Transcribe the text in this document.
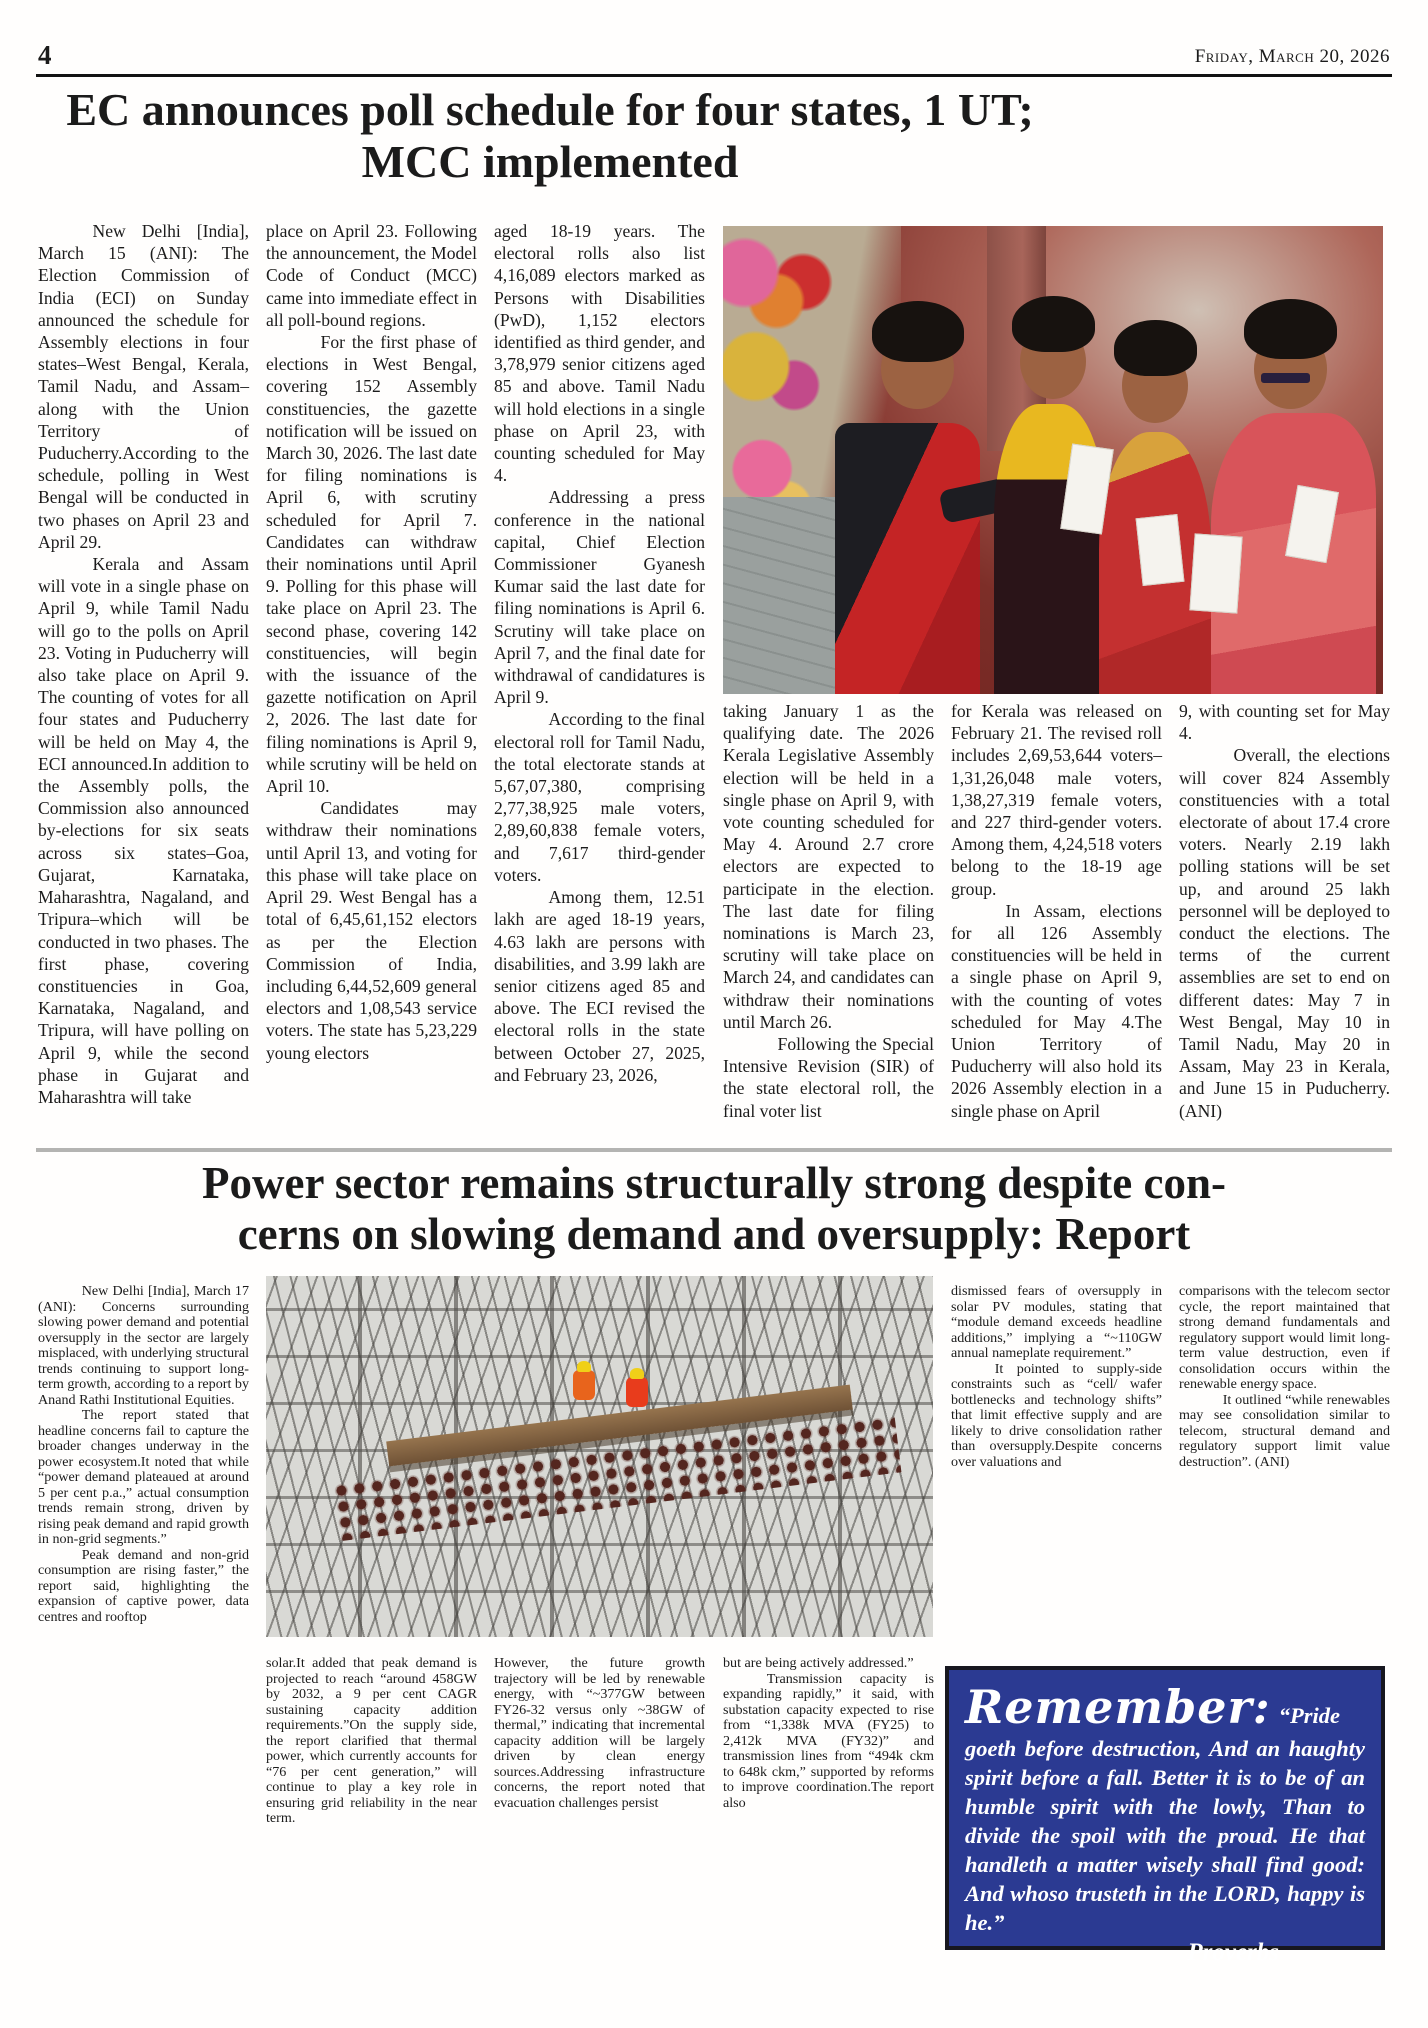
4	Friday, March 20, 2026
EC announces poll schedule for four states, 1 UT;
MCC implemented

New Delhi [India], March 15 (ANI): The Election Commission of India (ECI) on Sunday announced the schedule for Assembly elections in four states–West Bengal, Kerala, Tamil Nadu, and Assam–along with the Union Territory of Puducherry.According to the schedule, polling in West Bengal will be conducted in two phases on April 23 and April 29.

Kerala and Assam will vote in a single phase on April 9, while Tamil Nadu will go to the polls on April 23. Voting in Puducherry will also take place on April 9. The counting of votes for all four states and Puducherry will be held on May 4, the ECI announced.In addition to the Assembly polls, the Commission also announced by-elections for six seats across six states–Goa, Gujarat, Karnataka, Maharashtra, Nagaland, and Tripura–which will be conducted in two phases. The first phase, covering constituencies in Goa, Karnataka, Nagaland, and Tripura, will have polling on April 9, while the second phase in Gujarat and Maharashtra will take

place on April 23. Following the announcement, the Model Code of Conduct (MCC) came into immediate effect in all poll-bound regions.

For the first phase of elections in West Bengal, covering 152 Assembly constituencies, the gazette notification will be issued on March 30, 2026. The last date for filing nominations is April 6, with scrutiny scheduled for April 7. Candidates can withdraw their nominations until April 9. Polling for this phase will take place on April 23. The second phase, covering 142 constituencies, will begin with the issuance of the gazette notification on April 2, 2026. The last date for filing nominations is April 9, while scrutiny will be held on April 10.

Candidates may withdraw their nominations until April 13, and voting for this phase will take place on April 29. West Bengal has a total of 6,45,61,152 electors as per the Election Commission of India, including 6,44,52,609 general electors and 1,08,543 service voters. The state has 5,23,229 young electors

aged 18-19 years. The electoral rolls also list 4,16,089 electors marked as Persons with Disabilities (PwD), 1,152 electors identified as third gender, and 3,78,979 senior citizens aged 85 and above. Tamil Nadu will hold elections in a single phase on April 23, with counting scheduled for May 4.

Addressing a press conference in the national capital, Chief Election Commissioner Gyanesh Kumar said the last date for filing nominations is April 6. Scrutiny will take place on April 7, and the final date for withdrawal of candidatures is April 9.

According to the final electoral roll for Tamil Nadu, the total electorate stands at 5,67,07,380, comprising 2,77,38,925 male voters, 2,89,60,838 female voters, and 7,617 third-gender voters.

Among them, 12.51 lakh are aged 18-19 years, 4.63 lakh are persons with disabilities, and 3.99 lakh are senior citizens aged 85 and above. The ECI revised the electoral rolls in the state between October 27, 2025, and February 23, 2026,

taking January 1 as the qualifying date. The 2026 Kerala Legislative Assembly election will be held in a single phase on April 9, with vote counting scheduled for May 4. Around 2.7 crore electors are expected to participate in the election. The last date for filing nominations is March 23, scrutiny will take place on March 24, and candidates can withdraw their nominations until March 26.

Following the Special Intensive Revision (SIR) of the state electoral roll, the final voter list

for Kerala was released on February 21. The revised roll includes 2,69,53,644 voters–1,31,26,048 male voters, 1,38,27,319 female voters, and 227 third-gender voters. Among them, 4,24,518 voters belong to the 18-19 age group.

In Assam, elections for all 126 Assembly constituencies will be held in a single phase on April 9, with the counting of votes scheduled for May 4.The Union Territory of Puducherry will also hold its 2026 Assembly election in a single phase on April

9, with counting set for May 4.

Overall, the elections will cover 824 Assembly constituencies with a total electorate of about 17.4 crore voters. Nearly 2.19 lakh polling stations will be set up, and around 25 lakh personnel will be deployed to conduct the elections. The terms of the current assemblies are set to end on different dates: May 7 in West Bengal, May 10 in Tamil Nadu, May 20 in Assam, May 23 in Kerala, and June 15 in Puducherry. (ANI)

Power sector remains structurally strong despite con-
cerns on slowing demand and oversupply: Report

New Delhi [India], March 17 (ANI): Concerns surrounding slowing power demand and potential oversupply in the sector are largely misplaced, with underlying structural trends continuing to support long-term growth, according to a report by Anand Rathi Institutional Equities.

The report stated that headline concerns fail to capture the broader changes underway in the power ecosystem.It noted that while “power demand plateaued at around 5 per cent p.a.,” actual consumption trends remain strong, driven by rising peak demand and rapid growth in non-grid segments.”

Peak demand and non-grid consumption are rising faster,” the report said, highlighting the expansion of captive power, data centres and rooftop

solar.It added that peak demand is projected to reach “around 458GW by 2032, a 9 per cent CAGR sustaining capacity addition requirements.”On the supply side, the report clarified that thermal power, which currently accounts for “76 per cent generation,” will continue to play a key role in ensuring grid reliability in the near term.

However, the future growth trajectory will be led by renewable energy, with “~377GW between FY26-32 versus only ~38GW of thermal,” indicating that incremental capacity addition will be largely driven by clean energy sources.Addressing infrastructure concerns, the report noted that evacuation challenges persist

but are being actively addressed.”

Transmission capacity is expanding rapidly,” it said, with substation capacity expected to rise from “1,338k MVA (FY25) to 2,412k MVA (FY32)” and transmission lines from “494k ckm to 648k ckm,” supported by reforms to improve coordination.The report also

dismissed fears of oversupply in solar PV modules, stating that “module demand exceeds headline additions,” implying a “~110GW annual nameplate requirement.”

It pointed to supply-side constraints such as “cell/ wafer bottlenecks and technology shifts” that limit effective supply and are likely to drive consolidation rather than oversupply.Despite concerns over valuations and

comparisons with the telecom sector cycle, the report maintained that strong demand fundamentals and regulatory support would limit long-term value destruction, even if consolidation occurs within the renewable energy space.

It outlined “while renewables may see consolidation similar to telecom, structural demand and regulatory support limit value destruction”. (ANI)

Remember: “Pride goeth before destruction, And an haughty spirit before a fall. Better it is to be of an humble spirit with the lowly, Than to divide the spoil with the proud. He that handleth a matter wisely shall find good: And whoso trusteth in the LORD, happy is he.”
Proverbs
